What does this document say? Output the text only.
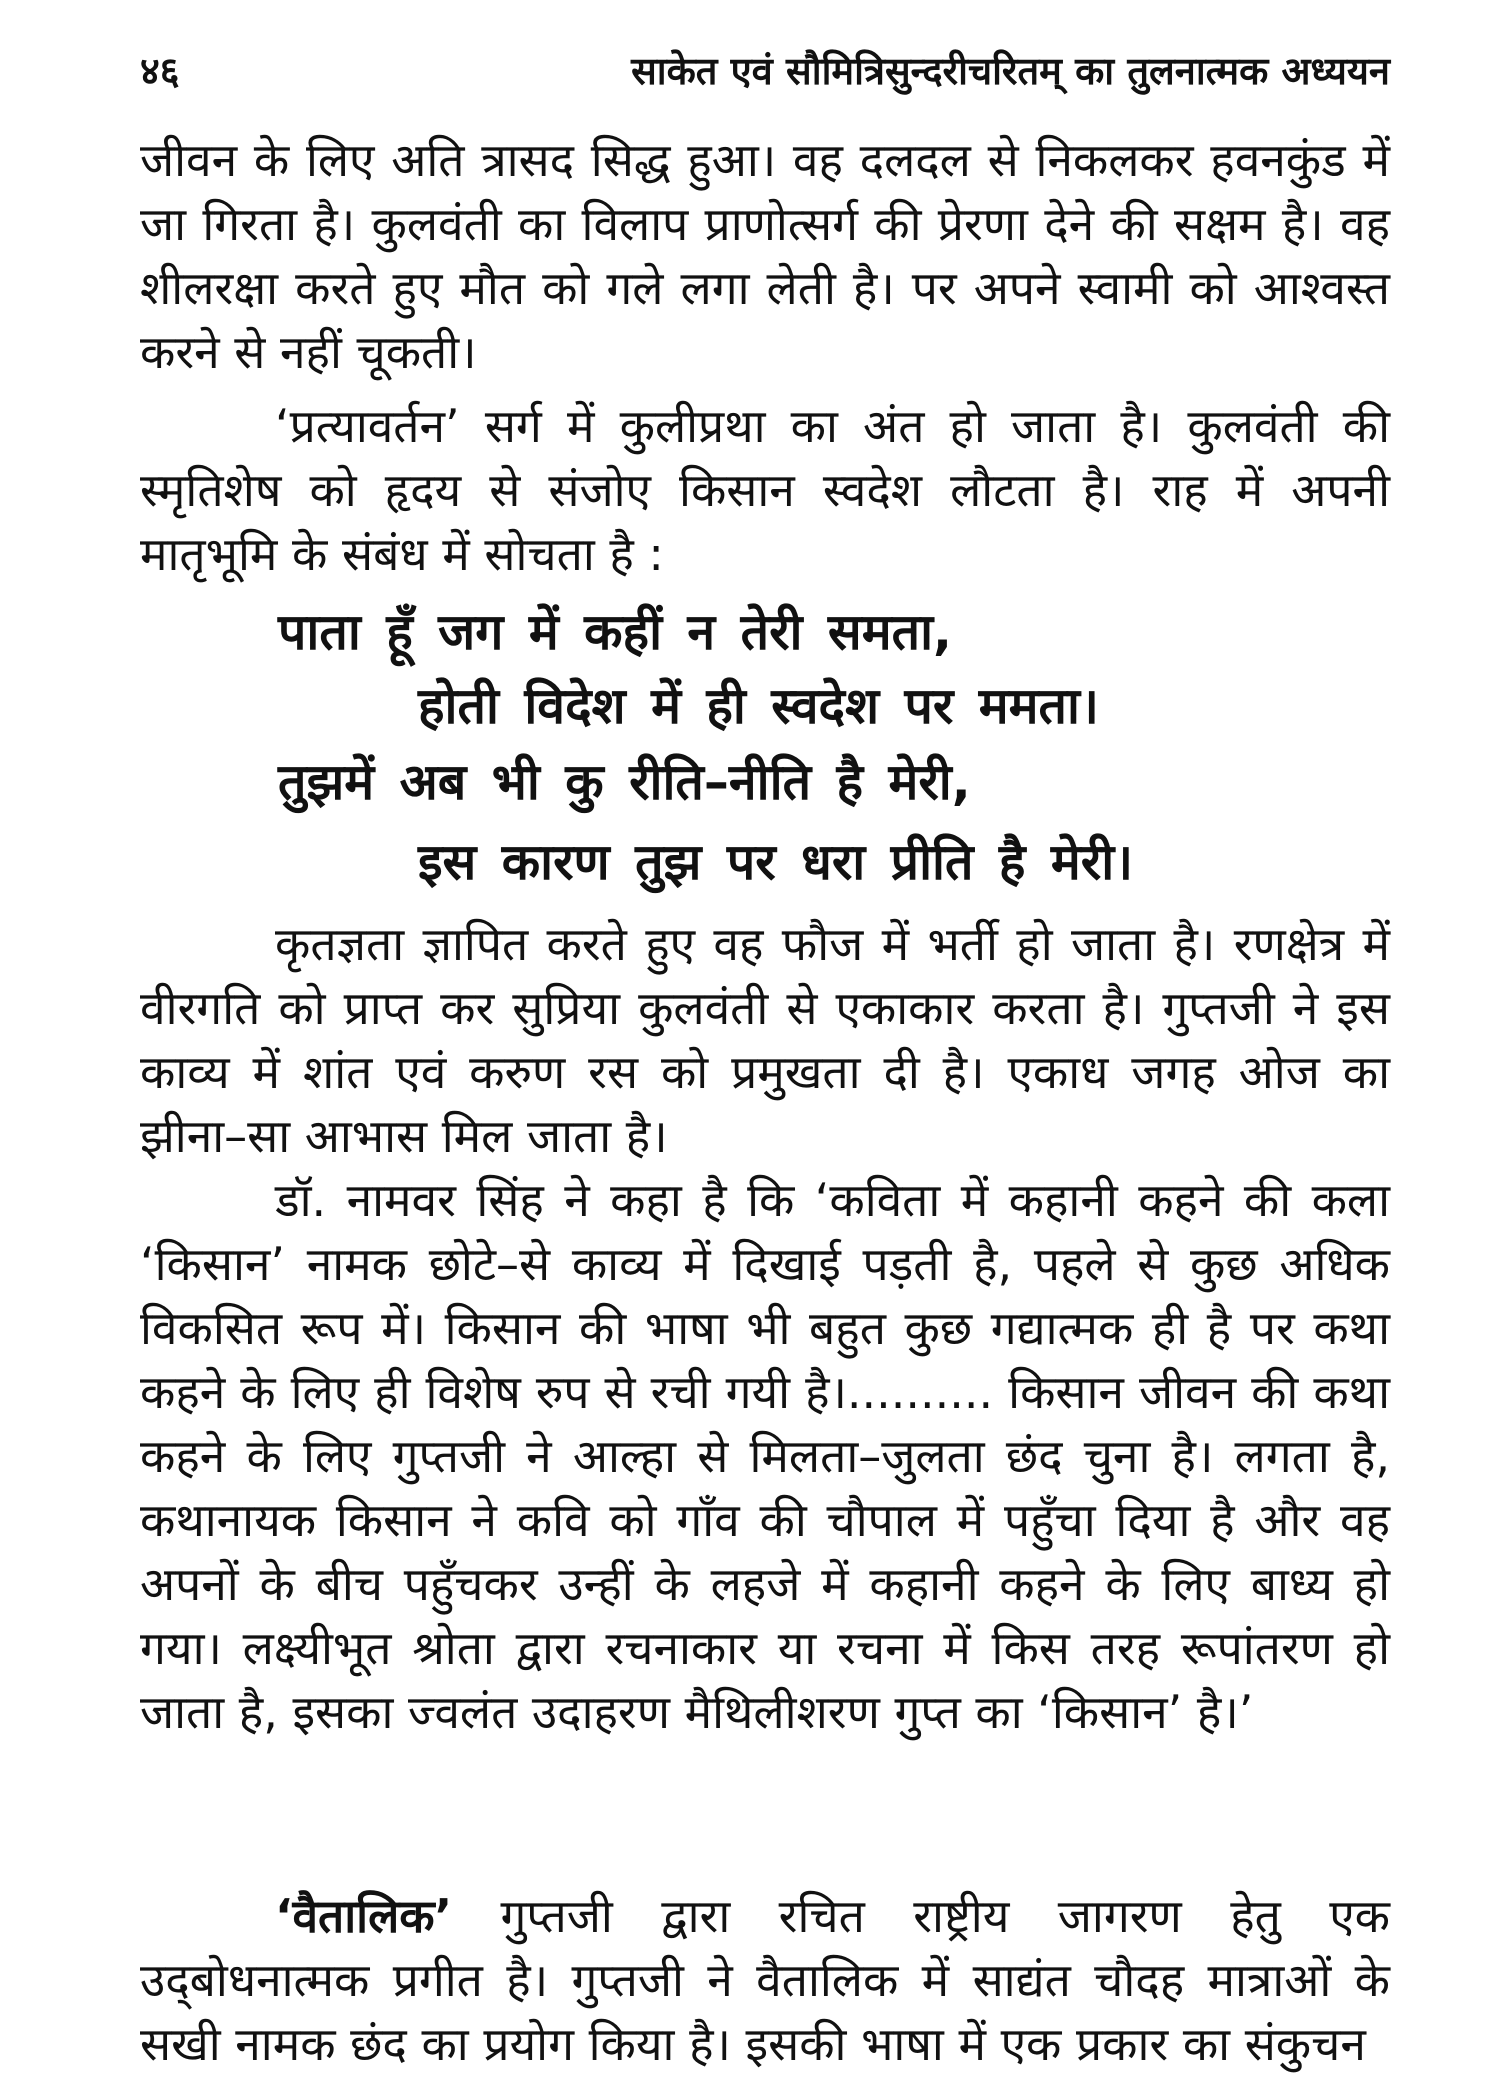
४६	साकेत एवं सौमित्रिसुन्दरीचरितम् का तुलनात्मक अध्ययन

जीवन के लिए अति त्रासद सिद्ध हुआ। वह दलदल से निकलकर हवनकुंड में जा गिरता है। कुलवंती का विलाप प्राणोत्सर्ग की प्रेरणा देने की सक्षम है। वह शीलरक्षा करते हुए मौत को गले लगा लेती है। पर अपने स्वामी को आश्वस्त करने से नहीं चूकती।

‘प्रत्यावर्तन’ सर्ग में कुलीप्रथा का अंत हो जाता है। कुलवंती की स्मृतिशेष को हृदय से संजोए किसान स्वदेश लौटता है। राह में अपनी मातृभूमि के संबंध में सोचता है :

पाता हूँ जग में कहीं न तेरी समता,

होती विदेश में ही स्वदेश पर ममता।

तुझमें अब भी कु रीति–नीति है मेरी,

इस कारण तुझ पर धरा प्रीति है मेरी।

कृतज्ञता ज्ञापित करते हुए वह फौज में भर्ती हो जाता है। रणक्षेत्र में वीरगति को प्राप्त कर सुप्रिया कुलवंती से एकाकार करता है। गुप्तजी ने इस काव्य में शांत एवं करुण रस को प्रमुखता दी है। एकाध जगह ओज का झीना–सा आभास मिल जाता है।

डॉ. नामवर सिंह ने कहा है कि ‘कविता में कहानी कहने की कला ‘किसान’ नामक छोटे–से काव्य में दिखाई पड़ती है, पहले से कुछ अधिक विकसित रूप में। किसान की भाषा भी बहुत कुछ गद्यात्मक ही है पर कथा कहने के लिए ही विशेष रुप से रची गयी है।.......... किसान जीवन की कथा कहने के लिए गुप्तजी ने आल्हा से मिलता–जुलता छंद चुना है। लगता है, कथानायक किसान ने कवि को गाँव की चौपाल में पहुँचा दिया है और वह अपनों के बीच पहुँचकर उन्हीं के लहजे में कहानी कहने के लिए बाध्य हो गया। लक्ष्यीभूत श्रोता द्वारा रचनाकार या रचना में किस तरह रूपांतरण हो जाता है, इसका ज्वलंत उदाहरण मैथिलीशरण गुप्त का ‘किसान’ है।’

‘वैतालिक’ गुप्तजी द्वारा रचित राष्ट्रीय जागरण हेतु एक उद्‌बोधनात्मक प्रगीत है। गुप्तजी ने वैतालिक में साद्यंत चौदह मात्राओं के सखी नामक छंद का प्रयोग किया है। इसकी भाषा में एक प्रकार का संकुचन
